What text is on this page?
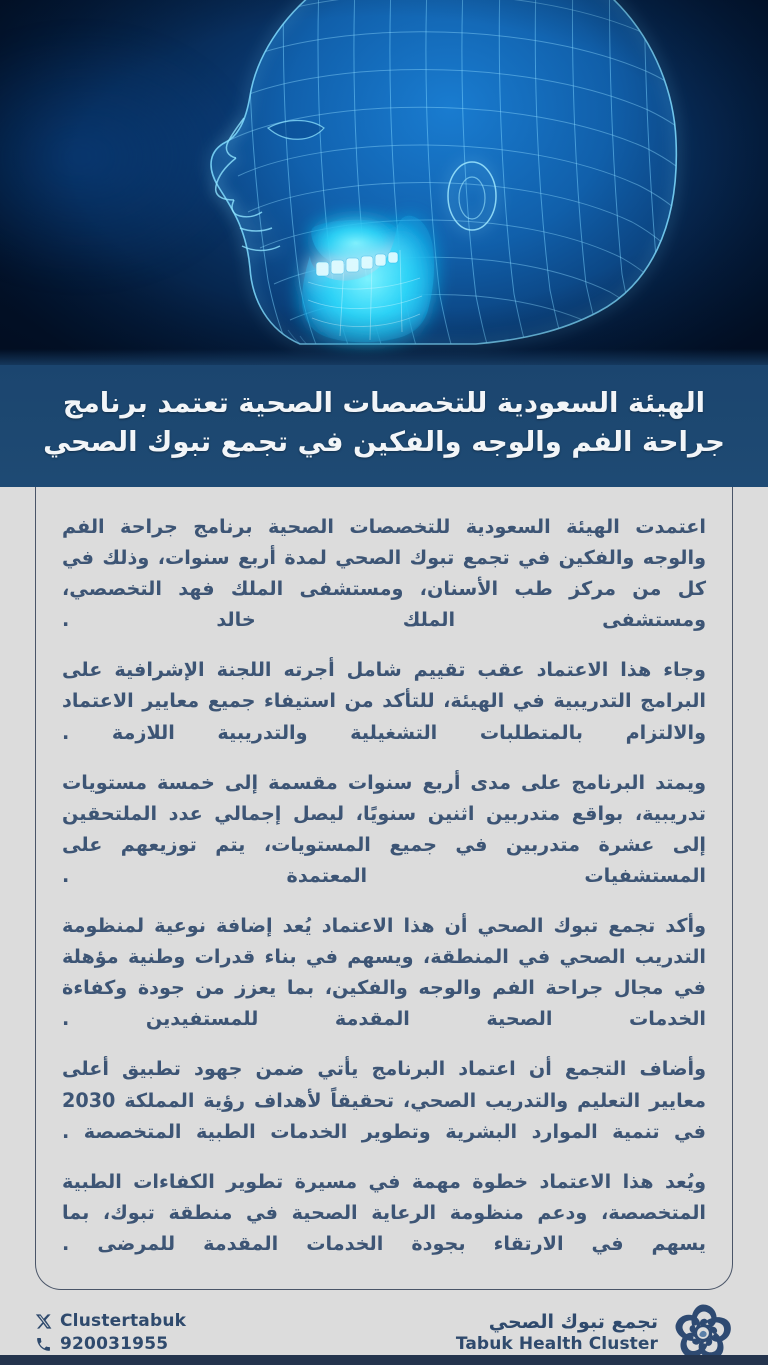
الهيئة السعودية للتخصصات الصحية تعتمد برنامج جراحة الفم والوجه والفكين في تجمع تبوك الصحي

اعتمدت الهيئة السعودية للتخصصات الصحية برنامج جراحة الفم والوجه والفكين في تجمع تبوك الصحي لمدة أربع سنوات، وذلك في كل من مركز طب الأسنان، ومستشفى الملك فهد التخصصي، ومستشفى الملك خالد .

وجاء هذا الاعتماد عقب تقييم شامل أجرته اللجنة الإشرافية على البرامج التدريبية في الهيئة، للتأكد من استيفاء جميع معايير الاعتماد والالتزام بالمتطلبات التشغيلية والتدريبية اللازمة .

ويمتد البرنامج على مدى أربع سنوات مقسمة إلى خمسة مستويات تدريبية، بواقع متدربين اثنين سنويًا، ليصل إجمالي عدد الملتحقين إلى عشرة متدربين في جميع المستويات، يتم توزيعهم على المستشفيات المعتمدة .

وأكد تجمع تبوك الصحي أن هذا الاعتماد يُعد إضافة نوعية لمنظومة التدريب الصحي في المنطقة، ويسهم في بناء قدرات وطنية مؤهلة في مجال جراحة الفم والوجه والفكين، بما يعزز من جودة وكفاءة الخدمات الصحية المقدمة للمستفيدين .

وأضاف التجمع أن اعتماد البرنامج يأتي ضمن جهود تطبيق أعلى معايير التعليم والتدريب الصحي، تحقيقاً لأهداف رؤية المملكة 2030 في تنمية الموارد البشرية وتطوير الخدمات الطبية المتخصصة .

ويُعد هذا الاعتماد خطوة مهمة في مسيرة تطوير الكفاءات الطبية المتخصصة، ودعم منظومة الرعاية الصحية في منطقة تبوك، بما يسهم في الارتقاء بجودة الخدمات المقدمة للمرضى .

Clustertabuk
920031955
تجمع تبوك الصحي
Tabuk Health Cluster
